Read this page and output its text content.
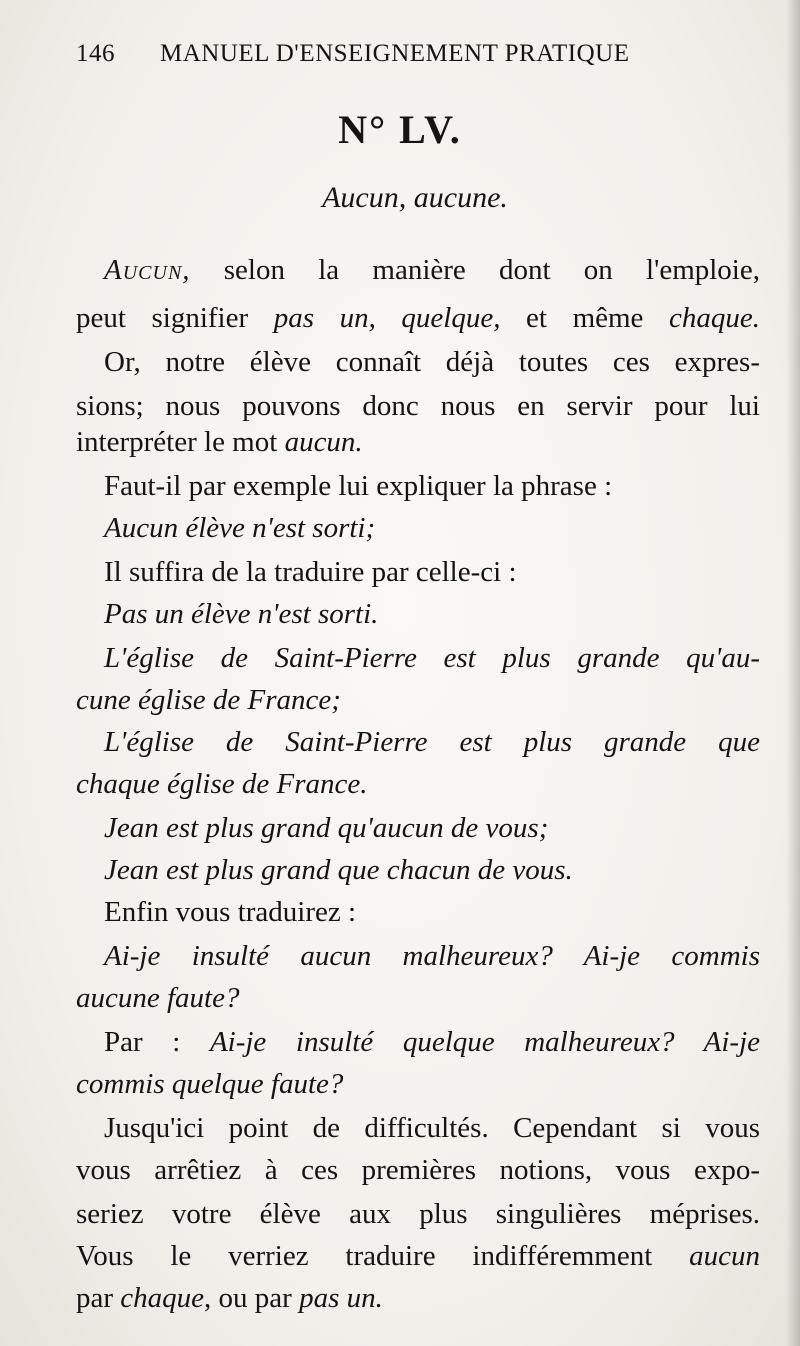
146 MANUEL D'ENSEIGNEMENT PRATIQUE
N° LV.
Aucun, aucune.
Aucun, selon la manière dont on l'emploie,
peut signifier pas un, quelque, et même chaque.
Or, notre élève connaît déjà toutes ces expres-
sions; nous pouvons donc nous en servir pour lui
interpréter le mot aucun.
Faut-il par exemple lui expliquer la phrase :
Aucun élève n'est sorti;
Il suffira de la traduire par celle-ci :
Pas un élève n'est sorti.
L'église de Saint-Pierre est plus grande qu'au-
cune église de France;
L'église de Saint-Pierre est plus grande que
chaque église de France.
Jean est plus grand qu'aucun de vous;
Jean est plus grand que chacun de vous.
Enfin vous traduirez :
Ai-je insulté aucun malheureux? Ai-je commis
aucune faute?
Par : Ai-je insulté quelque malheureux? Ai-je
commis quelque faute?
Jusqu'ici point de difficultés. Cependant si vous
vous arrêtiez à ces premières notions, vous expo-
seriez votre élève aux plus singulières méprises.
Vous le verriez traduire indifféremment aucun
par chaque, ou par pas un.
